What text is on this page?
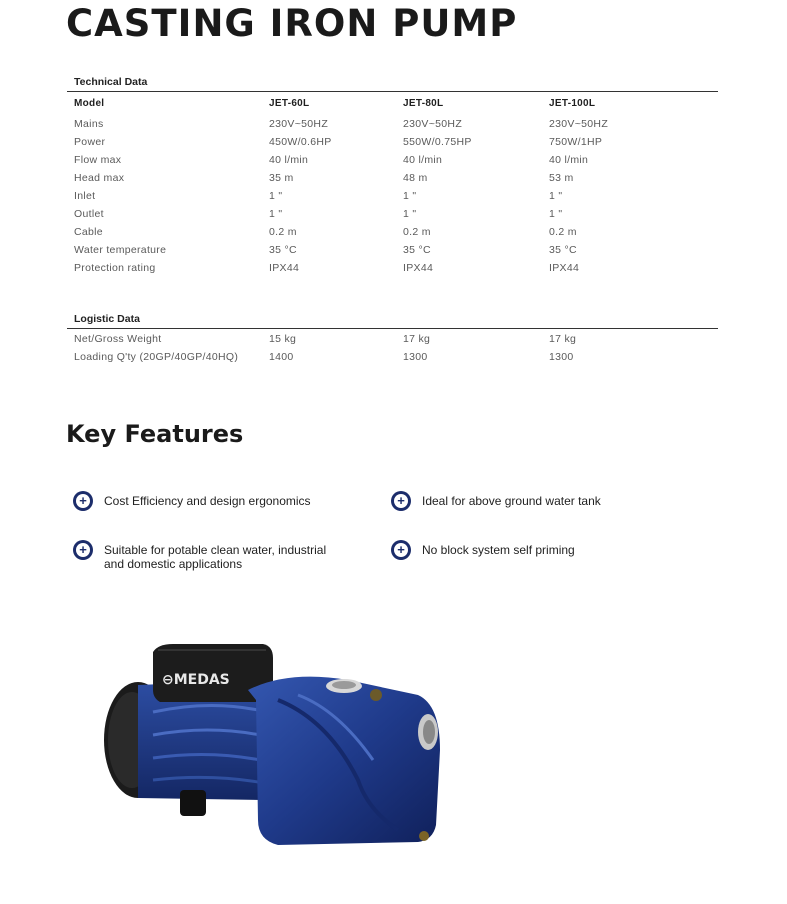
CASTING IRON PUMP
Technical Data
Model	JET-60L	JET-80L	JET-100L
Mains	230V~50HZ	230V~50HZ	230V~50HZ
Power	450W/0.6HP	550W/0.75HP	750W/1HP
Flow max	40 l/min	40 l/min	40 l/min
Head max	35 m	48 m	53 m
Inlet	1 "	1 "	1 "
Outlet	1 "	1 "	1 "
Cable	0.2 m	0.2 m	0.2 m
Water temperature	35 °C	35 °C	35 °C
Protection rating	IPX44	IPX44	IPX44
Logistic Data
Net/Gross Weight	15 kg	17 kg	17 kg
Loading Q'ty (20GP/40GP/40HQ)	1400	1300	1300
Key Features
+
Cost Efficiency and design ergonomics
+	Ideal for above ground water tank
+
Suitable for potable clean water, industrial
and domestic applications
+
No block system self priming
⊖MEDAS
